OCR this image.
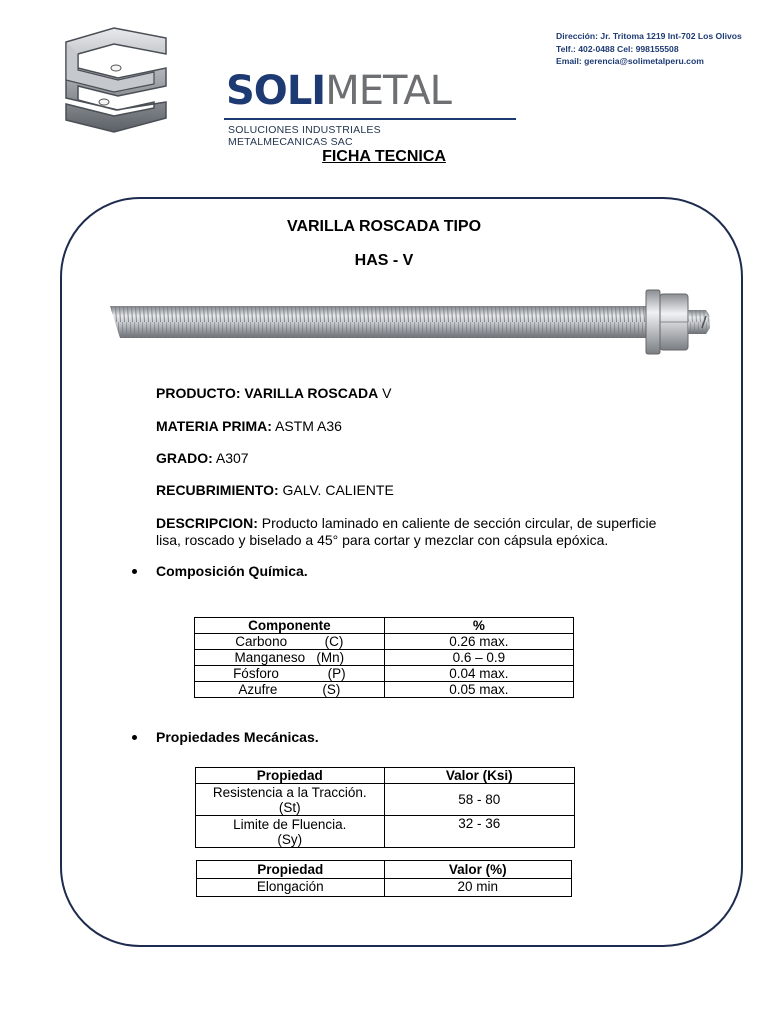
SOLIMETAL
SOLUCIONES INDUSTRIALES METALMECANICAS SAC
Dirección: Jr. Tritoma 1219 Int-702 Los Olivos
Telf.: 402-0488 Cel: 998155508
Email: gerencia@solimetalperu.com
FICHA TECNICA
VARILLA ROSCADA TIPO
HAS - V
PRODUCTO: VARILLA ROSCADA V
MATERIA PRIMA: ASTM A36
GRADO: A307
RECUBRIMIENTO: GALV. CALIENTE
DESCRIPCION: Producto laminado en caliente de sección circular, de superficie lisa, roscado y biselado a 45° para cortar y mezclar con cápsula epóxica.
Composición Química.
Componente	%
Carbono (C)	0.26 max.
Manganeso (Mn)	0.6 – 0.9
Fósforo (P)	0.04 max.
Azufre (S)	0.05 max.
Propiedades Mecánicas.
Propiedad	Valor (Ksi)

Resistencia a la Tracción.
(St)	58 - 80

Limite de Fluencia.
(Sy)	32 - 36
Propiedad	Valor (%)
Elongación	20 min
